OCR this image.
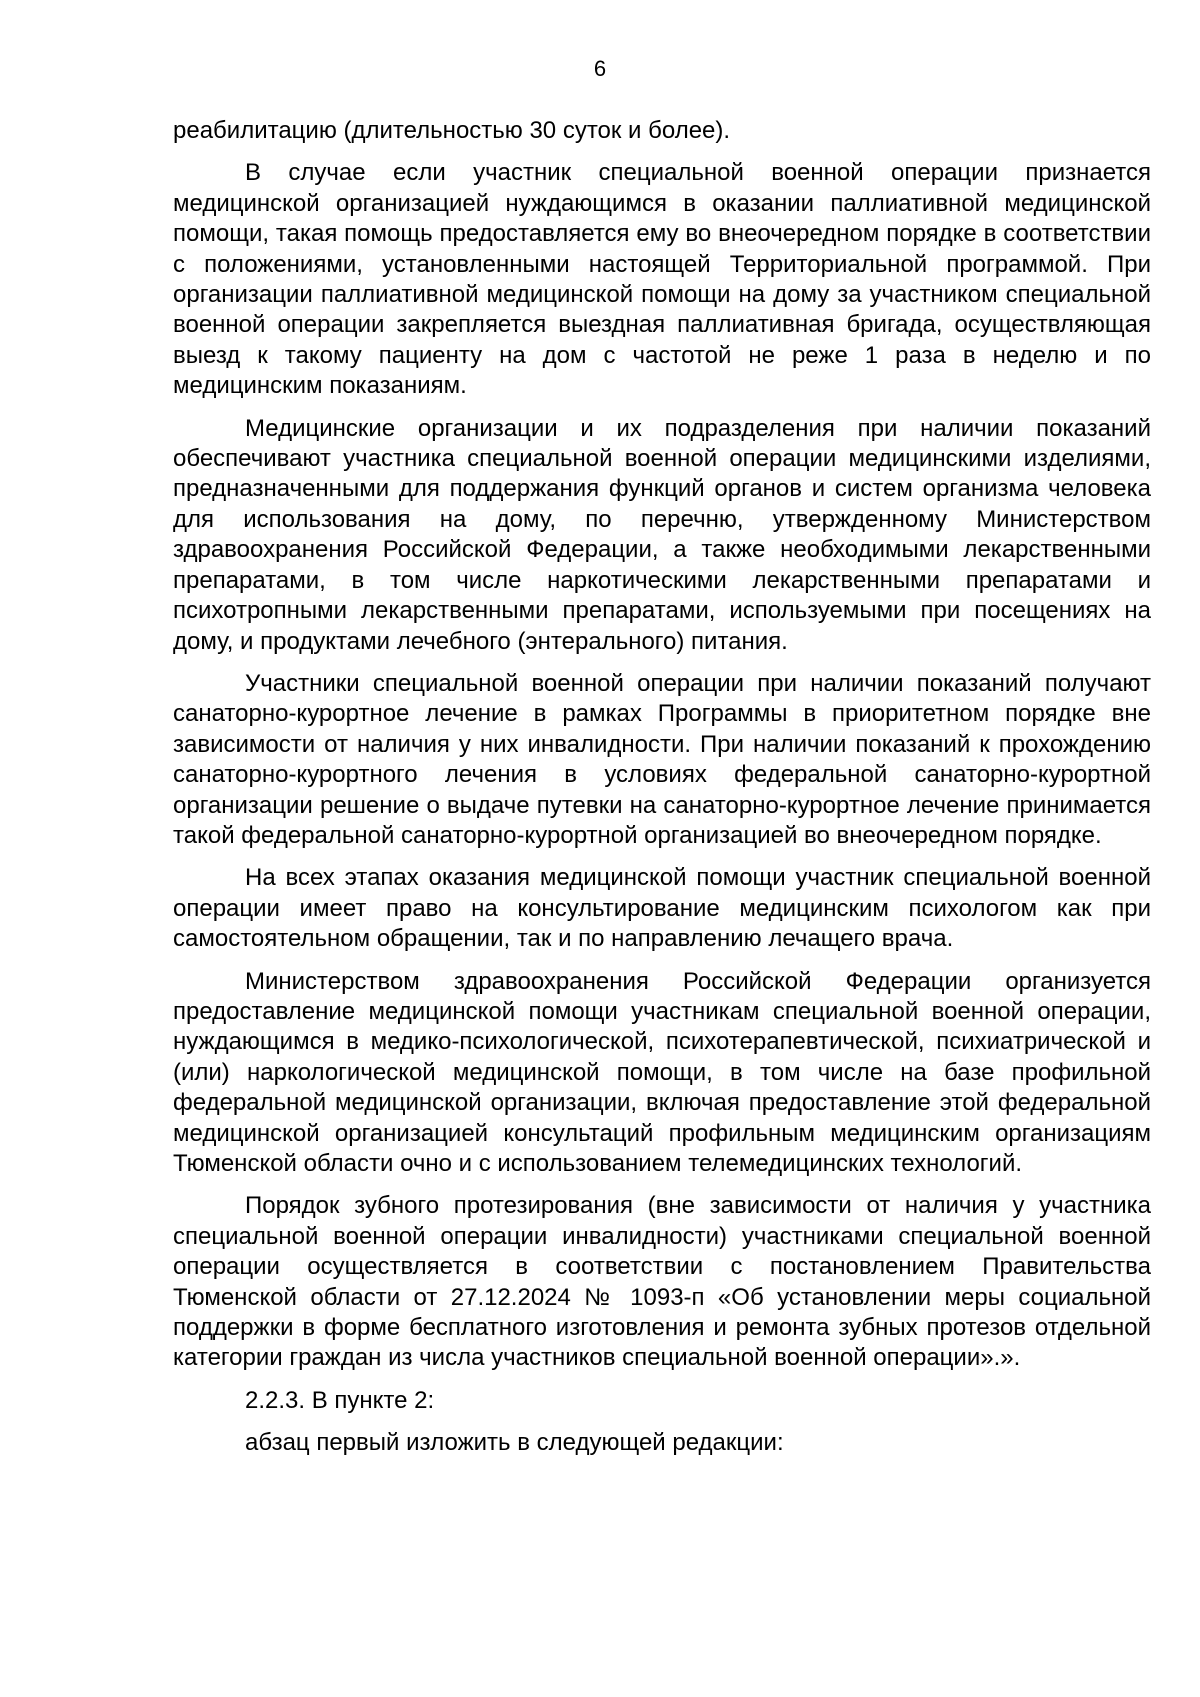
6

реабилитацию (длительностью 30 суток и более).

В случае если участник специальной военной операции признается медицинской организацией нуждающимся в оказании паллиативной медицинской помощи, такая помощь предоставляется ему во внеочередном порядке в соответствии с положениями, установленными настоящей Территориальной программой. При организации паллиативной медицинской помощи на дому за участником специальной военной операции закрепляется выездная паллиативная бригада, осуществляющая выезд к такому пациенту на дом с частотой не реже 1 раза в неделю и по медицинским показаниям.

Медицинские организации и их подразделения при наличии показаний обеспечивают участника специальной военной операции медицинскими изделиями, предназначенными для поддержания функций органов и систем организма человека для использования на дому, по перечню, утвержденному Министерством здравоохранения Российской Федерации, а также необходимыми лекарственными препаратами, в том числе наркотическими лекарственными препаратами и психотропными лекарственными препаратами, используемыми при посещениях на дому, и продуктами лечебного (энтерального) питания.

Участники специальной военной операции при наличии показаний получают санаторно-курортное лечение в рамках Программы в приоритетном порядке вне зависимости от наличия у них инвалидности. При наличии показаний к прохождению санаторно-курортного лечения в условиях федеральной санаторно-курортной организации решение о выдаче путевки на санаторно-курортное лечение принимается такой федеральной санаторно-курортной организацией во внеочередном порядке.

На всех этапах оказания медицинской помощи участник специальной военной операции имеет право на консультирование медицинским психологом как при самостоятельном обращении, так и по направлению лечащего врача.

Министерством здравоохранения Российской Федерации организуется предоставление медицинской помощи участникам специальной военной операции, нуждающимся в медико-психологической, психотерапевтической, психиатрической и (или) наркологической медицинской помощи, в том числе на базе профильной федеральной медицинской организации, включая предоставление этой федеральной медицинской организацией консультаций профильным медицинским организациям Тюменской области очно и с использованием телемедицинских технологий.

Порядок зубного протезирования (вне зависимости от наличия у участника специальной военной операции инвалидности) участниками специальной военной операции осуществляется в соответствии с постановлением Правительства Тюменской области от 27.12.2024 № 1093-п «Об установлении меры социальной поддержки в форме бесплатного изготовления и ремонта зубных протезов отдельной категории граждан из числа участников специальной военной операции».».

2.2.3. В пункте 2:

абзац первый изложить в следующей редакции:
